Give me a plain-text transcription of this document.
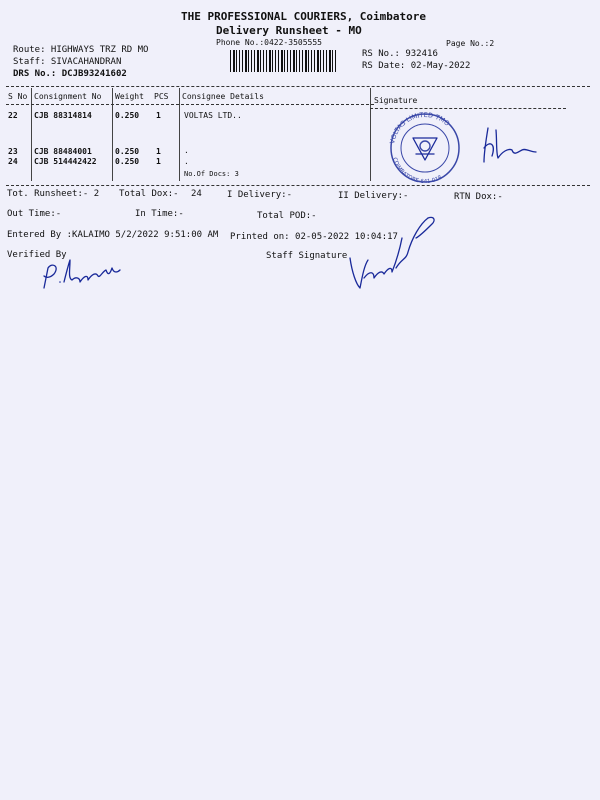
THE PROFESSIONAL COURIERS, Coimbatore
Delivery Runsheet - MO
Phone No.:0422-3505555	Page No.:2
Route: HIGHWAYS TRZ RD MO
Staff: SIVACAHANDRAN
DRS No.: DCJB93241602
RS No.: 932416
RS Date: 02-May-2022
S No Consignment No Weight PCS Consignee Details	Signature
22 CJB 88314814	0.250 1	VOLTAS LTD..
23 CJB 88484001	0.250 1	.
24 CJB 514442422 0.250 1	.
No.Of Docs: 3
VOLTAS LIMITED TMO
COIMBATORE-641 018
Tot. Runsheet:- 2 Total Dox:- 24	I Delivery:-	II Delivery:-	RTN Dox:-
Out Time:-	In Time:-	Total POD:-
Entered By :KALAIMO 5/2/2022 9:51:00 AM Printed on: 02-05-2022 10:04:17
Verified By	Staff Signature
